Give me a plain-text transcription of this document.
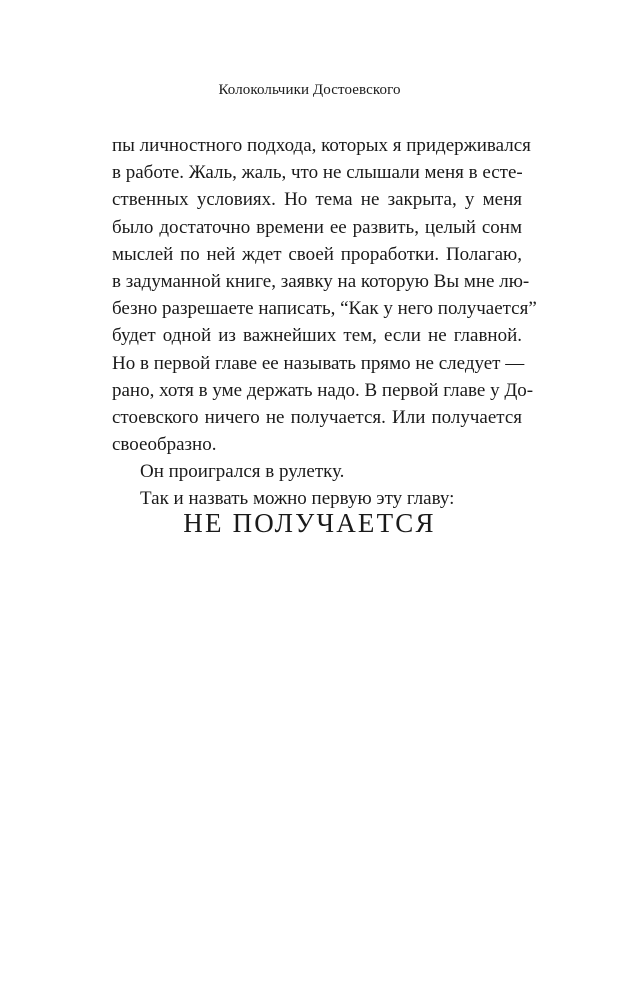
Колокольчики Достоевского
пы личностного подхода, которых я придерживался
в работе. Жаль, жаль, что не слышали меня в есте-
ственных условиях. Но тема не закрыта, у меня
было достаточно времени ее развить, целый сонм
мыслей по ней ждет своей проработки. Полагаю,
в задуманной книге, заявку на которую Вы мне лю-
безно разрешаете написать, “Как у него получается”
будет одной из важнейших тем, если не главной.
Но в первой главе ее называть прямо не следует —
рано, хотя в уме держать надо. В первой главе у До-
стоевского ничего не получается. Или получается
своеобразно.
Он проигрался в рулетку.
Так и назвать можно первую эту главу:
НЕ ПОЛУЧАЕТСЯ
